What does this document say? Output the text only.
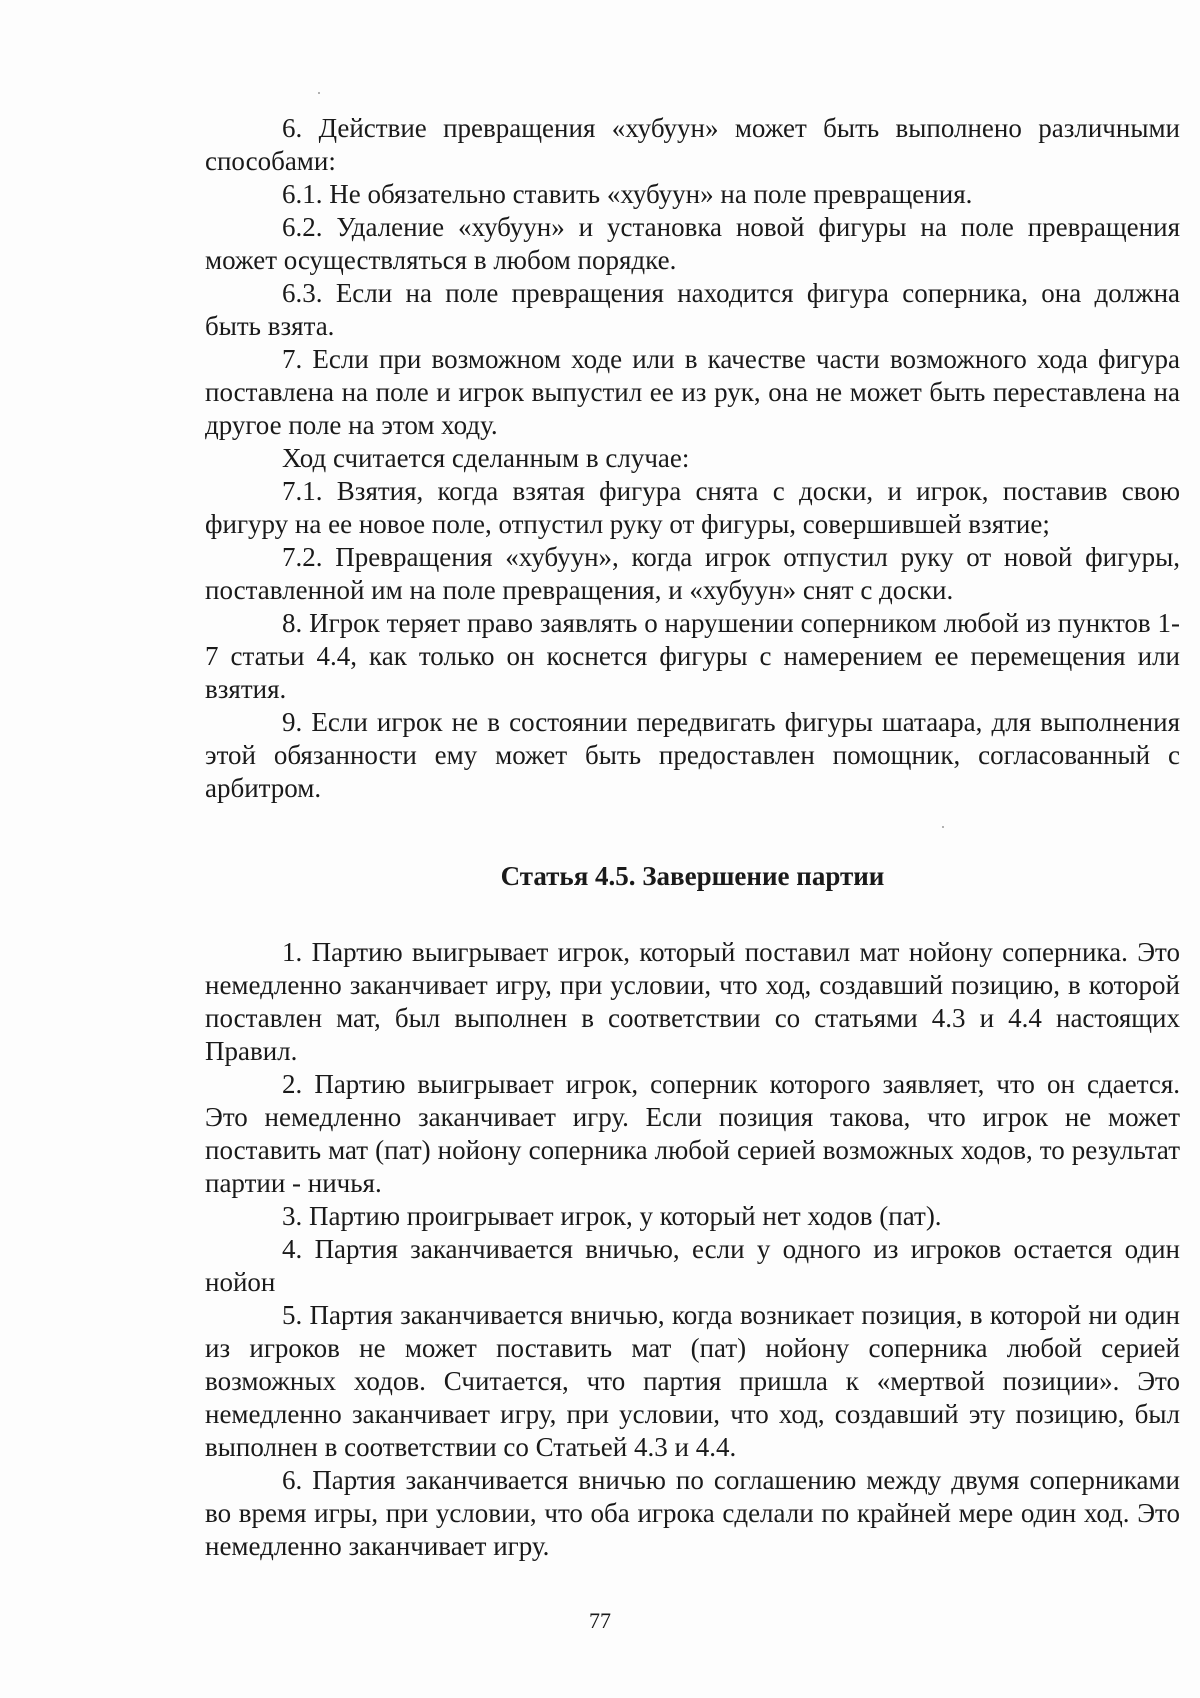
6. Действие превращения «хубуун» может быть выполнено различными способами:

6.1. Не обязательно ставить «хубуун» на поле превращения.

6.2. Удаление «хубуун» и установка новой фигуры на поле превращения может осуществляться в любом порядке.

6.3. Если на поле превращения находится фигура соперника, она должна быть взята.

7. Если при возможном ходе или в качестве части возможного хода фигура поставлена на поле и игрок выпустил ее из рук, она не может быть переставлена на другое поле на этом ходу.

Ход считается сделанным в случае:

7.1. Взятия, когда взятая фигура снята с доски, и игрок, поставив свою фигуру на ее новое поле, отпустил руку от фигуры, совершившей взятие;

7.2. Превращения «хубуун», когда игрок отпустил руку от новой фигуры, поставленной им на поле превращения, и «хубуун» снят с доски.

8. Игрок теряет право заявлять о нарушении соперником любой из пунктов 1-7 статьи 4.4, как только он коснется фигуры с намерением ее перемещения или взятия.

9. Если игрок не в состоянии передвигать фигуры шатаара, для выполнения этой обязанности ему может быть предоставлен помощник, согласованный с арбитром.

Статья 4.5. Завершение партии

1. Партию выигрывает игрок, который поставил мат нойону соперника. Это немедленно заканчивает игру, при условии, что ход, создавший позицию, в которой поставлен мат, был выполнен в соответствии со статьями 4.3 и 4.4 настоящих Правил.

2. Партию выигрывает игрок, соперник которого заявляет, что он сдается. Это немедленно заканчивает игру. Если позиция такова, что игрок не может поставить мат (пат) нойону соперника любой серией возможных ходов, то результат партии - ничья.

3. Партию проигрывает игрок, у который нет ходов (пат).

4. Партия заканчивается вничью, если у одного из игроков остается один нойон

5. Партия заканчивается вничью, когда возникает позиция, в которой ни один из игроков не может поставить мат (пат) нойону соперника любой серией возможных ходов. Считается, что партия пришла к «мертвой позиции». Это немедленно заканчивает игру, при условии, что ход, создавший эту позицию, был выполнен в соответствии со Статьей 4.3 и 4.4.

6. Партия заканчивается вничью по соглашению между двумя соперниками во время игры, при условии, что оба игрока сделали по крайней мере один ход. Это немедленно заканчивает игру.

77
